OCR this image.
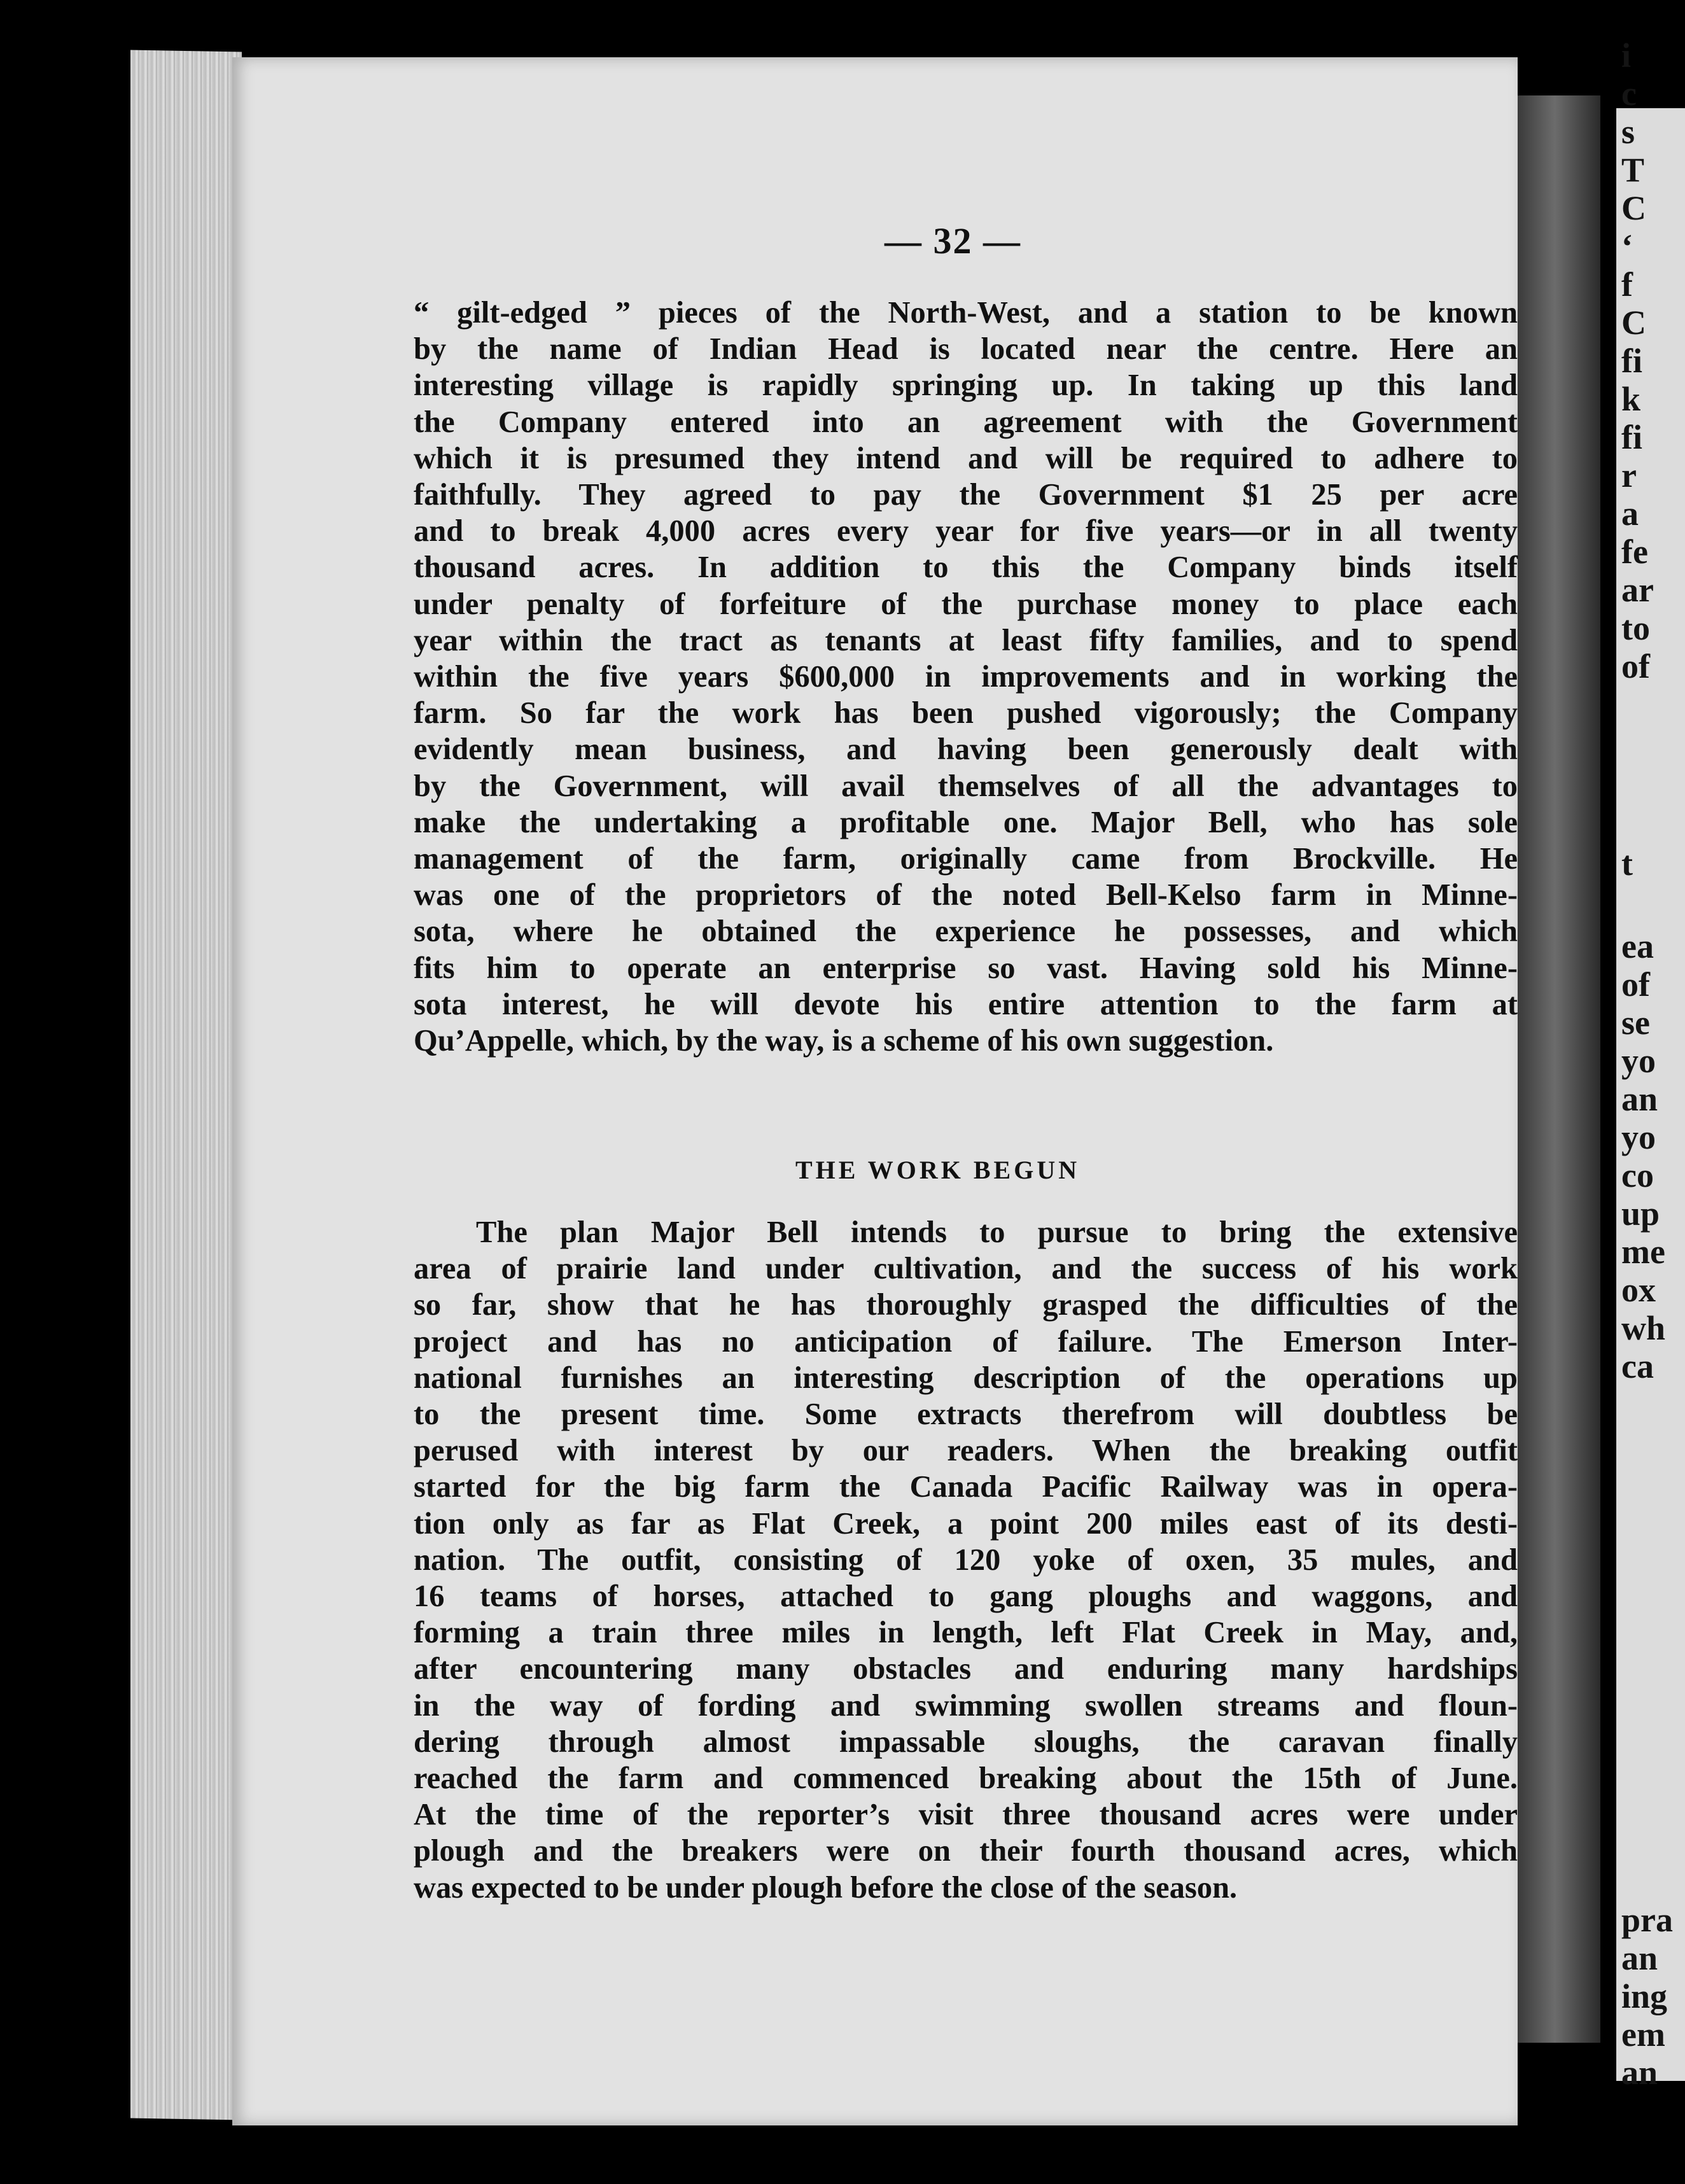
i
c
s
T
C
‘
f
C
fi
k
fi
r
a
fe
ar
to
of
t
ea
of
se
yo
an
yo
co
up
me
ox
wh
ca
pra
an
ing
em
an
— 32 —
“ gilt-edged ” pieces of the North-West, and a station to be known
by the name of Indian Head is located near the centre. Here an
interesting village is rapidly springing up. In taking up this land
the Company entered into an agreement with the Government
which it is presumed they intend and will be required to adhere to
faithfully. They agreed to pay the Government $1 25 per acre
and to break 4,000 acres every year for five years—or in all twenty
thousand acres. In addition to this the Company binds itself
under penalty of forfeiture of the purchase money to place each
year within the tract as tenants at least fifty families, and to spend
within the five years $600,000 in improvements and in working the
farm. So far the work has been pushed vigorously; the Company
evidently mean business, and having been generously dealt with
by the Government, will avail themselves of all the advantages to
make the undertaking a profitable one. Major Bell, who has sole
management of the farm, originally came from Brockville. He
was one of the proprietors of the noted Bell-Kelso farm in Minne-
sota, where he obtained the experience he possesses, and which
fits him to operate an enterprise so vast. Having sold his Minne-
sota interest, he will devote his entire attention to the farm at
Qu’Appelle, which, by the way, is a scheme of his own suggestion.
THE WORK BEGUN
The plan Major Bell intends to pursue to bring the extensive
area of prairie land under cultivation, and the success of his work
so far, show that he has thoroughly grasped the difficulties of the
project and has no anticipation of failure. The Emerson Inter-
national furnishes an interesting description of the operations up
to the present time. Some extracts therefrom will doubtless be
perused with interest by our readers. When the breaking outfit
started for the big farm the Canada Pacific Railway was in opera-
tion only as far as Flat Creek, a point 200 miles east of its desti-
nation. The outfit, consisting of 120 yoke of oxen, 35 mules, and
16 teams of horses, attached to gang ploughs and waggons, and
forming a train three miles in length, left Flat Creek in May, and,
after encountering many obstacles and enduring many hardships
in the way of fording and swimming swollen streams and floun-
dering through almost impassable sloughs, the caravan finally
reached the farm and commenced breaking about the 15th of June.
At the time of the reporter’s visit three thousand acres were under
plough and the breakers were on their fourth thousand acres, which
was expected to be under plough before the close of the season.
